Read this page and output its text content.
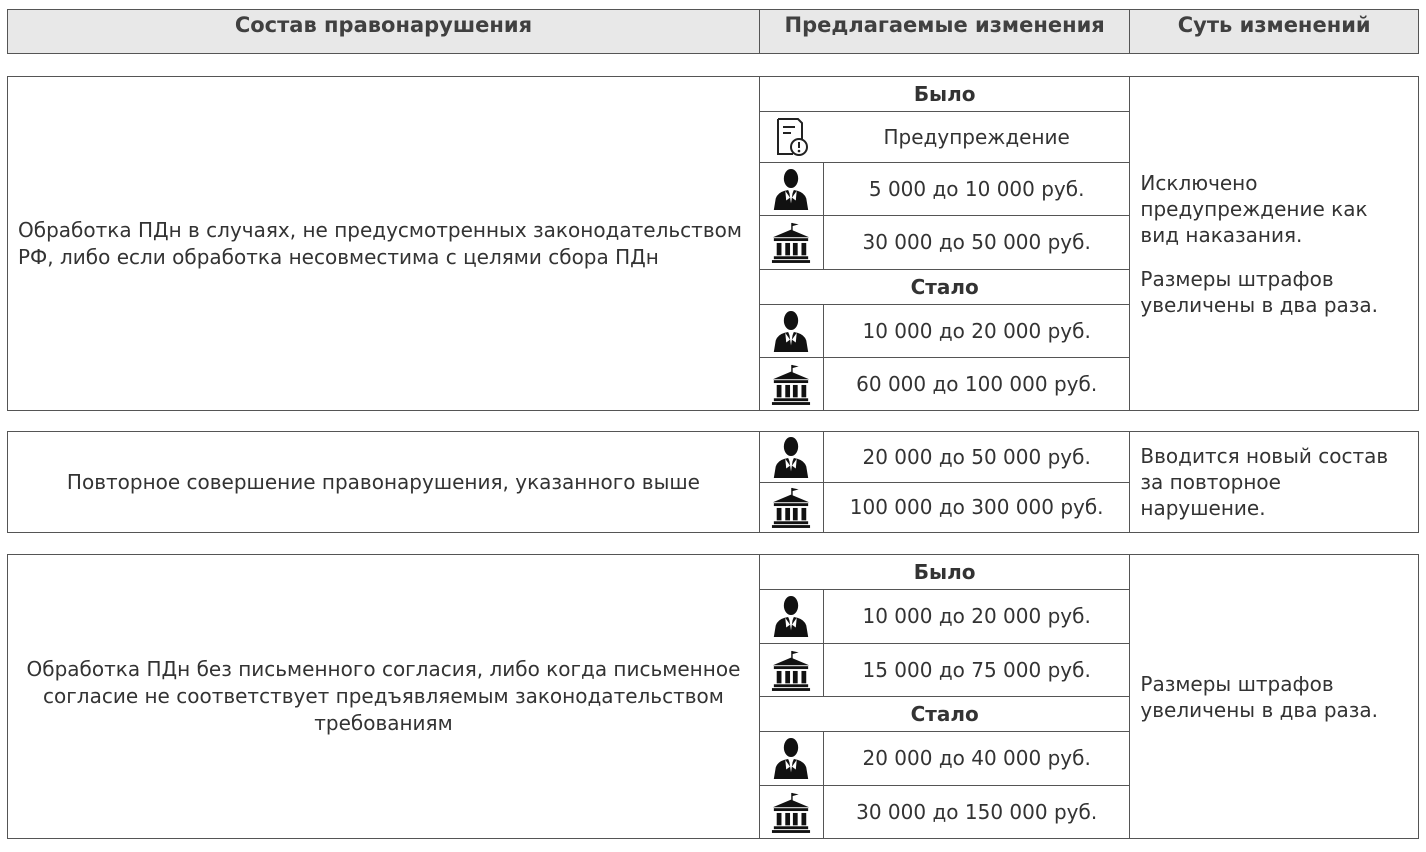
Состав правонарушения	Предлагаемые изменения	Суть изменений
Обработка ПДн в случаях, не предусмотренных законодательством РФ, либо если обработка несовместима с целями сбора ПДн
Было
Предупреждение
5 000 до 10 000 руб.
30 000 до 50 000 руб.
Стало
10 000 до 20 000 руб.
60 000 до 100 000 руб.

Исключено предупреждение как вид наказания.

Размеры штрафов увеличены в два раза.

Повторное совершение правонарушения, указанного выше
20 000 до 50 000 руб.
100 000 до 300 000 руб.

Вводится новый состав за повторное нарушение.

Обработка ПДн без письменного согласия, либо когда письменное согласие не соответствует предъявляемым законодательством требованиям
Было
10 000 до 20 000 руб.
15 000 до 75 000 руб.
Стало
20 000 до 40 000 руб.
30 000 до 150 000 руб.

Размеры штрафов увеличены в два раза.
